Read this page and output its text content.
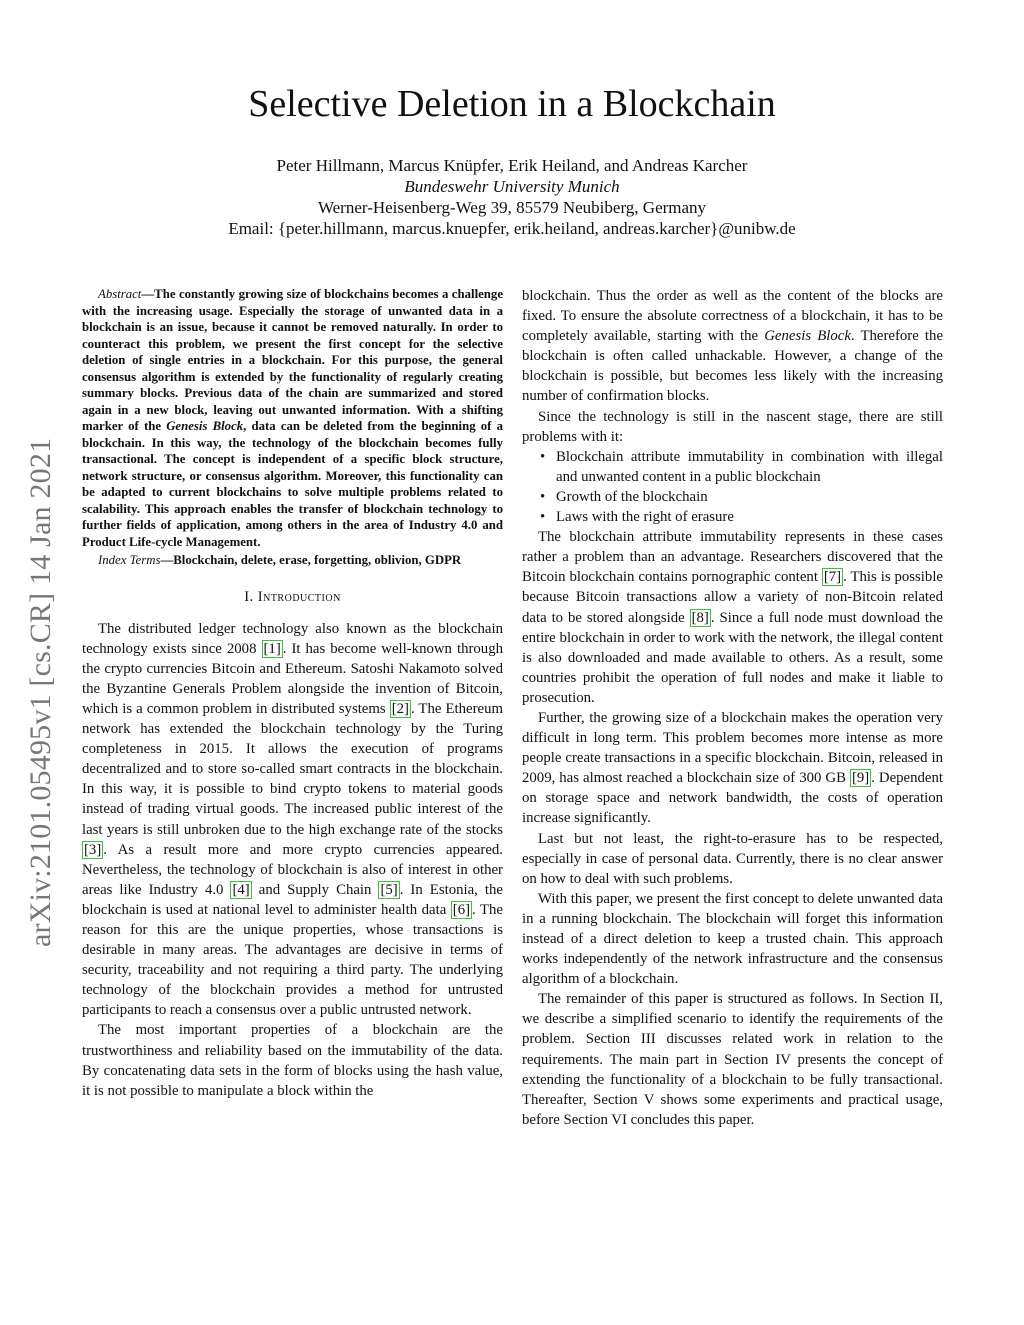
arXiv:2101.05495v1 [cs.CR] 14 Jan 2021
Selective Deletion in a Blockchain
Peter Hillmann, Marcus Knüpfer, Erik Heiland, and Andreas Karcher
Bundeswehr University Munich
Werner-Heisenberg-Weg 39, 85579 Neubiberg, Germany
Email: {peter.hillmann, marcus.knuepfer, erik.heiland, andreas.karcher}@unibw.de

Abstract—The constantly growing size of blockchains becomes a challenge with the increasing usage. Especially the storage of unwanted data in a blockchain is an issue, because it cannot be removed naturally. In order to counteract this problem, we present the first concept for the selective deletion of single entries in a blockchain. For this purpose, the general consensus algorithm is extended by the functionality of regularly creating summary blocks. Previous data of the chain are summarized and stored again in a new block, leaving out unwanted information. With a shifting marker of the Genesis Block, data can be deleted from the beginning of a blockchain. In this way, the technology of the blockchain becomes fully transactional. The concept is independent of a specific block structure, network structure, or consensus algorithm. Moreover, this functionality can be adapted to current blockchains to solve multiple problems related to scalability. This approach enables the transfer of blockchain technology to further fields of application, among others in the area of Industry 4.0 and Product Life-cycle Management.

Index Terms—Blockchain, delete, erase, forgetting, oblivion, GDPR

I. Introduction

The distributed ledger technology also known as the blockchain technology exists since 2008 [1] . It has become well-known through the crypto currencies Bitcoin and Ethereum. Satoshi Nakamoto solved the Byzantine Generals Problem alongside the invention of Bitcoin, which is a common problem in distributed systems [2] . The Ethereum network has extended the blockchain technology by the Turing completeness in 2015. It allows the execution of programs decentralized and to store so-called smart contracts in the blockchain. In this way, it is possible to bind crypto tokens to material goods instead of trading virtual goods. The increased public interest of the last years is still unbroken due to the high exchange rate of the stocks [3] . As a result more and more crypto currencies appeared. Nevertheless, the technology of blockchain is also of interest in other areas like Industry 4.0 [4] and Supply Chain [5] . In Estonia, the blockchain is used at national level to administer health data [6] . The reason for this are the unique properties, whose transactions is desirable in many areas. The advantages are decisive in terms of security, traceability and not requiring a third party. The underlying technology of the blockchain provides a method for untrusted participants to reach a consensus over a public untrusted network.

The most important properties of a blockchain are the trustworthiness and reliability based on the immutability of the data. By concatenating data sets in the form of blocks using the hash value, it is not possible to manipulate a block within the

blockchain. Thus the order as well as the content of the blocks are fixed. To ensure the absolute correctness of a blockchain, it has to be completely available, starting with the Genesis Block. Therefore the blockchain is often called unhackable. However, a change of the blockchain is possible, but becomes less likely with the increasing number of confirmation blocks.

Since the technology is still in the nascent stage, there are still problems with it:

• Blockchain attribute immutability in combination with illegal and unwanted content in a public blockchain
• Growth of the blockchain
• Laws with the right of erasure

The blockchain attribute immutability represents in these cases rather a problem than an advantage. Researchers discovered that the Bitcoin blockchain contains pornographic content [7] . This is possible because Bitcoin transactions allow a variety of non-Bitcoin related data to be stored alongside [8] . Since a full node must download the entire blockchain in order to work with the network, the illegal content is also downloaded and made available to others. As a result, some countries prohibit the operation of full nodes and make it liable to prosecution.

Further, the growing size of a blockchain makes the operation very difficult in long term. This problem becomes more intense as more people create transactions in a specific blockchain. Bitcoin, released in 2009, has almost reached a blockchain size of 300 GB [9] . Dependent on storage space and network bandwidth, the costs of operation increase significantly.

Last but not least, the right-to-erasure has to be respected, especially in case of personal data. Currently, there is no clear answer on how to deal with such problems.

With this paper, we present the first concept to delete unwanted data in a running blockchain. The blockchain will forget this information instead of a direct deletion to keep a trusted chain. This approach works independently of the network infrastructure and the consensus algorithm of a blockchain.

The remainder of this paper is structured as follows. In Section II, we describe a simplified scenario to identify the requirements of the problem. Section III discusses related work in relation to the requirements. The main part in Section IV presents the concept of extending the functionality of a blockchain to be fully transactional. Thereafter, Section V shows some experiments and practical usage, before Section VI concludes this paper.
